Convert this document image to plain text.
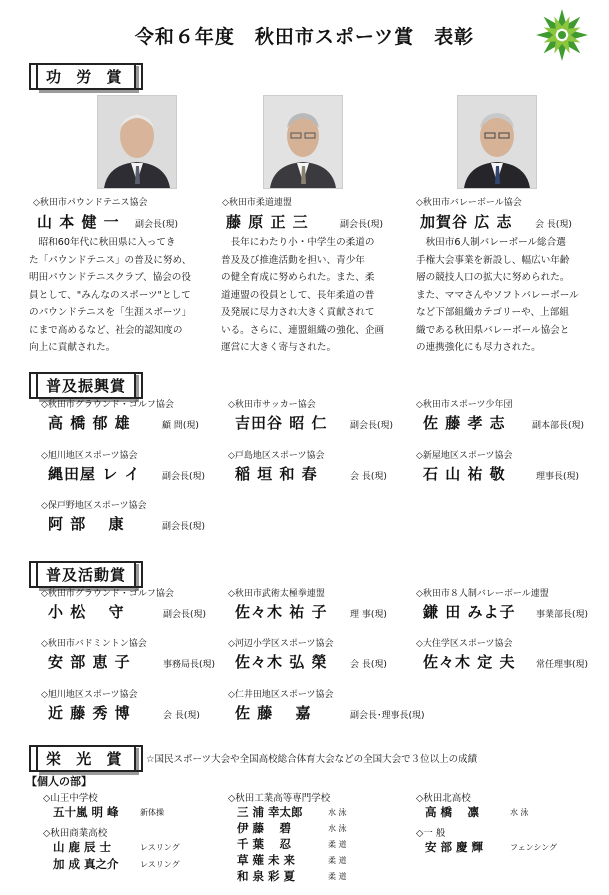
令和６年度　秋田市スポーツ賞　表彰
功 労 賞
◇秋田市パウンドテニス協会
山 本 健 一 副会長(現)
　昭和60年代に秋田県に入ってき
た「パウンドテニス」の普及に努め、
明田パウンドテニスクラブ、協会の役
員として、"みんなのスポーツ"として
のパウンドテニスを「生涯スポーツ」
にまで高めるなど、社会的認知度の
向上に貢献された。
◇秋田市柔道連盟
藤 原 正 三	副会長(現)
　長年にわたり小・中学生の柔道の
普及及び推進活動を担い、青少年
の健全育成に努められた。また、柔
道連盟の役員として、長年柔道の普
及発展に尽力され大きく貢献されて
いる。さらに、連盟組織の強化、企画
運営に大きく寄与された。
◇秋田市バレーボール協会
加賀谷 広 志	会 長(現)
　秋田市6人制バレーボール総合選
手権大会事業を新設し、幅広い年齢
層の競技人口の拡大に努められた。
また、ママさんやソフトバレーボール
など下部組織カテゴリーや、上部組
織である秋田県バレーボール協会と
の連携強化にも尽力された。
普及振興賞
◇秋田市グラウンド・ゴルフ協会
高 橋 郁 雄	顧 問(現)
◇秋田市サッカー協会
吉田谷 昭 仁	副会長(現)
◇秋田市スポーツ少年団
佐 藤 孝 志	副本部長(現)
◇旭川地区スポーツ協会
縄田屋 レ イ 副会長(現)
◇戸島地区スポーツ協会
稲 垣 和 春	会 長(現)
◇新屋地区スポーツ協会
石 山 祐 敬	理事長(現)
◇保戸野地区スポーツ協会
阿 部　 康	副会長(現)
普及活動賞
◇秋田市グラウンド・ゴルフ協会
小 松　 守	副会長(現)
◇秋田市武術太極拳連盟
佐々木 祐 子	理 事(現)
◇秋田市８人制バレーボール連盟
鎌 田 みよ子 事業部長(現)
◇秋田市バドミントン協会
安 部 恵 子	事務局長(現)
◇河辺小学区スポーツ協会
佐々木 弘 榮	会 長(現)
◇大住学区スポーツ協会
佐々木 定 夫 常任理事(現)
◇旭川地区スポーツ協会
近 藤 秀 博	会 長(現)
◇仁井田地区スポーツ協会
佐 藤　 嘉	副会長･理事長(現)
栄 光 賞	☆国民スポーツ大会や全国高校総合体育大会などの全国大会で３位以上の成績
【個人の部】
◇山王中学校
五十嵐 明 峰	新体操
◇秋田商業高校
山 鹿 辰 士	レスリング
加 成 真之介	レスリング
◇秋田工業高等専門学校
三 浦 幸太郎	水 泳
伊 藤　 碧	水 泳
千 葉　 忍	柔 道
草 薙 未 来	柔 道
和 泉 彩 夏	柔 道
◇秋田北高校
高 橋　 凛	水 泳
◇一 般
安 部 慶 輝	フェンシング
